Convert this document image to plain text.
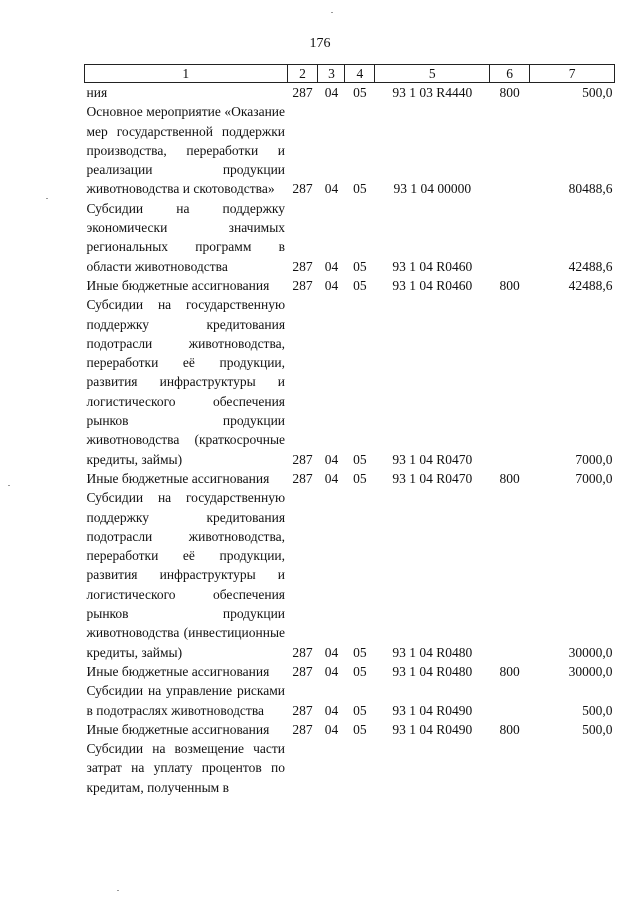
176
1	2	3	4	5	6	7
ния	287	04	05	93 1 03 R4440	800	500,0
Основное мероприятие «Оказание мер государственной поддержки производства, переработки и реализации продукции животноводства и скотоводства»	287	04	05	93 1 04 00000		80488,6
Субсидии на поддержку экономически значимых региональных программ в области животноводства	287	04	05	93 1 04 R0460		42488,6
Иные бюджетные ассигнования	287	04	05	93 1 04 R0460	800	42488,6
Субсидии на государственную поддержку кредитования подотрасли животноводства, переработки её продукции, развития инфраструктуры и логистического обеспечения рынков продукции животноводства (краткосрочные кредиты, займы)	287	04	05	93 1 04 R0470		7000,0
Иные бюджетные ассигнования	287	04	05	93 1 04 R0470	800	7000,0
Субсидии на государственную поддержку кредитования подотрасли животноводства, переработки её продукции, развития инфраструктуры и логистического обеспечения рынков продукции животноводства (инвестиционные кредиты, займы)	287	04	05	93 1 04 R0480		30000,0
Иные бюджетные ассигнования	287	04	05	93 1 04 R0480	800	30000,0
Субсидии на управление рисками в подотраслях животноводства	287	04	05	93 1 04 R0490		500,0
Иные бюджетные ассигнования	287	04	05	93 1 04 R0490	800	500,0
Субсидии на возмещение части затрат на уплату процентов по кредитам, полученным в						
